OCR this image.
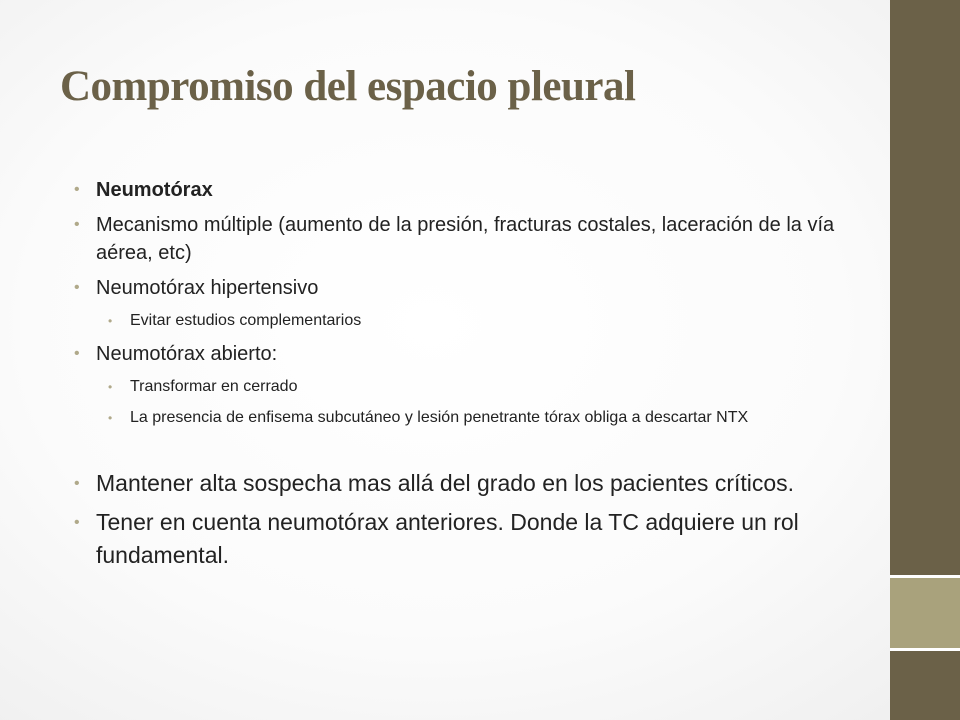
Compromiso del espacio pleural
• Neumotórax
• Mecanismo múltiple (aumento de la presión, fracturas costales, laceración de la vía aérea, etc)
• Neumotórax hipertensivo
• Evitar estudios complementarios
• Neumotórax abierto:
• Transformar en cerrado
• La presencia de enfisema subcutáneo y lesión penetrante tórax obliga a descartar NTX
• Mantener alta sospecha mas allá del grado en los pacientes críticos.
• Tener en cuenta neumotórax anteriores. Donde la TC adquiere un rol fundamental.
